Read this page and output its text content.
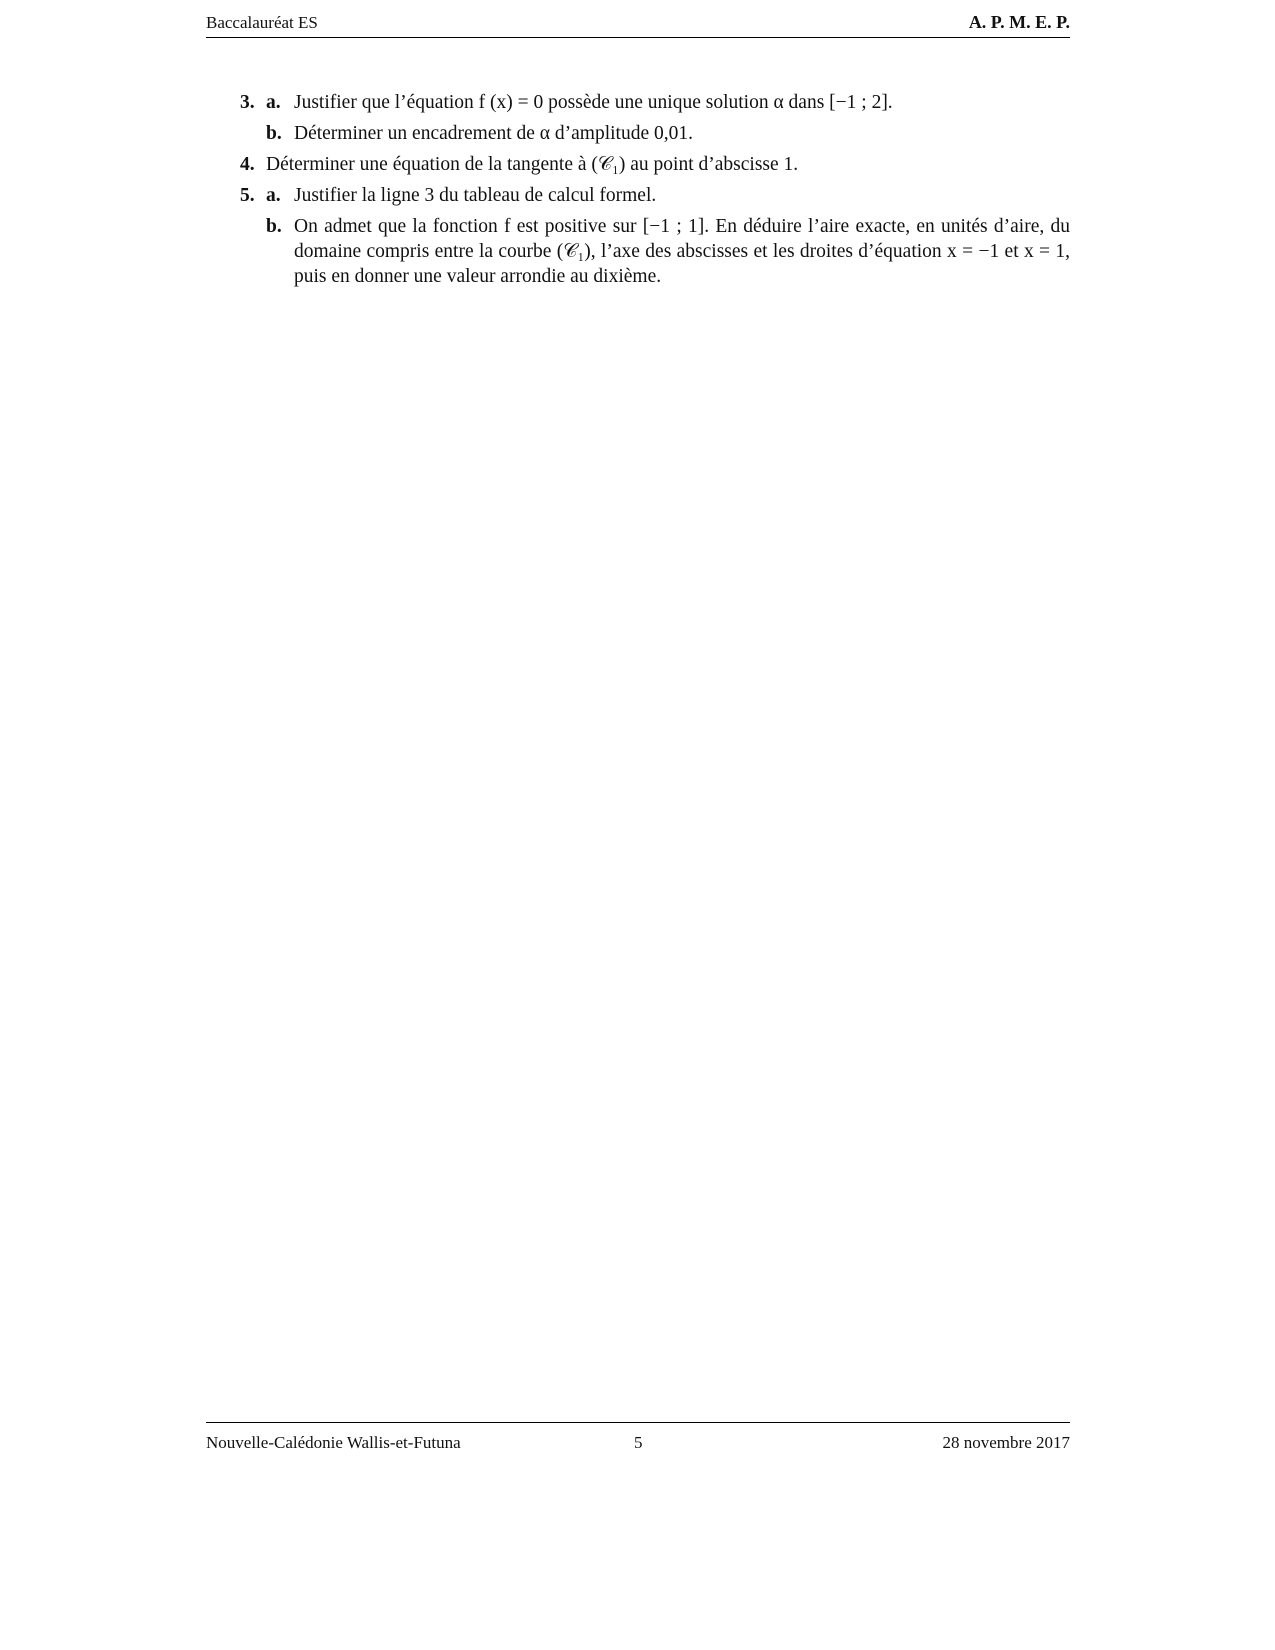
Baccalauréat ES	A. P. M. E. P.
3. a. Justifier que l’équation f (x) = 0 possède une unique solution α dans [−1 ; 2].
b. Déterminer un encadrement de α d’amplitude 0,01.
4. Déterminer une équation de la tangente à (𝒞₁) au point d’abscisse 1.
5. a. Justifier la ligne 3 du tableau de calcul formel.
b. On admet que la fonction f est positive sur [−1 ; 1]. En déduire l’aire exacte, en unités d’aire, du domaine compris entre la courbe (𝒞₁), l’axe des abscisses et les droites d’équation x = −1 et x = 1, puis en donner une valeur arrondie au dixième.
Nouvelle-Calédonie Wallis-et-Futuna	5	28 novembre 2017
